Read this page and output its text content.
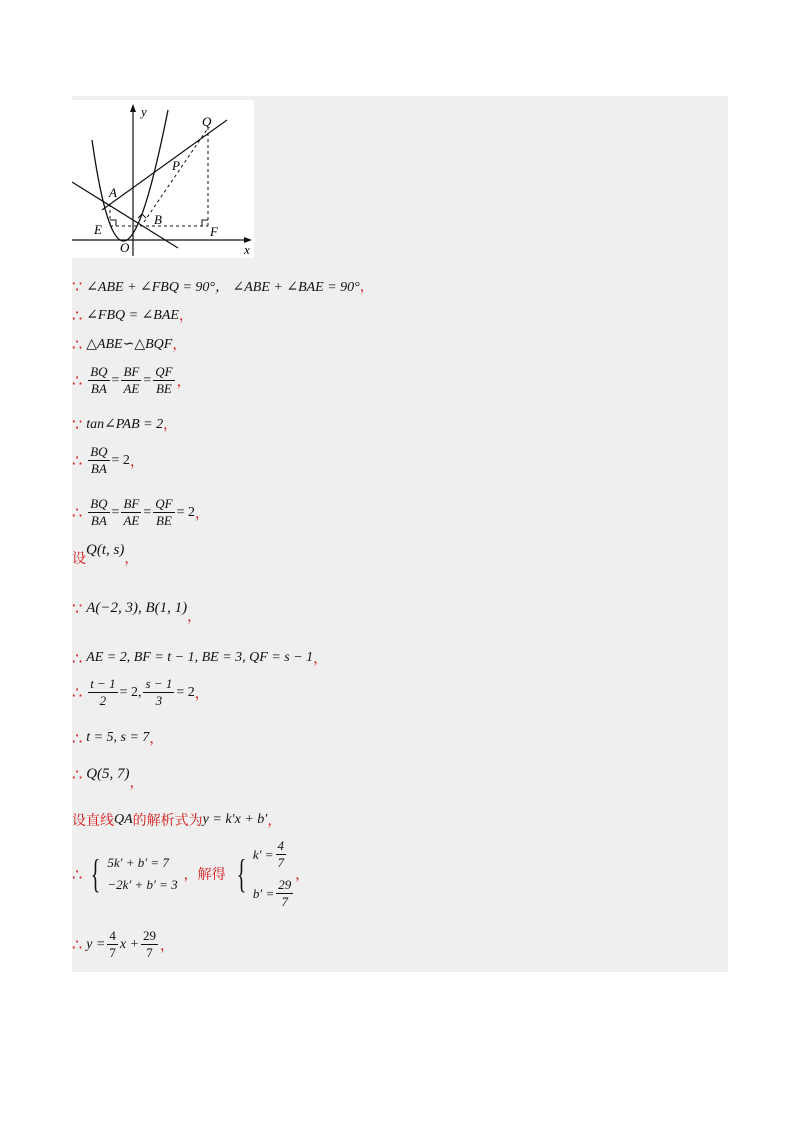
y
x
O
A
B
P
Q
E	F
∵ ∠ABE + ∠FBQ = 90°， ∠ABE + ∠BAE = 90° ，
∴ ∠FBQ = ∠BAE ，
∴ △ABE∽△BQF ，
∴ $\frac{BQ}{BA} = \frac{BF}{AE} = \frac{QF}{BE}$ ，
∵ tan∠PAB = 2 ，
∴ $\frac{BQ}{BA} = 2$ ，
∴ $\frac{BQ}{BA} = \frac{BF}{AE} = \frac{QF}{BE} = 2$ ，
设
Q(t, s)
，
∵ A(−2, 3), B(1, 1)
，
∴ AE = 2, BF = t − 1, BE = 3, QF = s − 1 ，
∴ $\frac{t - 1}{2} = 2$, $\frac{s - 1}{3} = 2$ ，
∴ t = 5, s = 7 ，
∴ Q(5, 7)
，
设直线 QA 的解析式为 y = k′x + b′ ，
∴ { 5k′ + b′ = 7
−2k′ + b′ = 3
，解得 { $k' = \frac{4}{7}$
$b' = \frac{29}{7}$
，
∴ $y = \frac{4}{7}$ $x + \frac{29}{7}$ ，
